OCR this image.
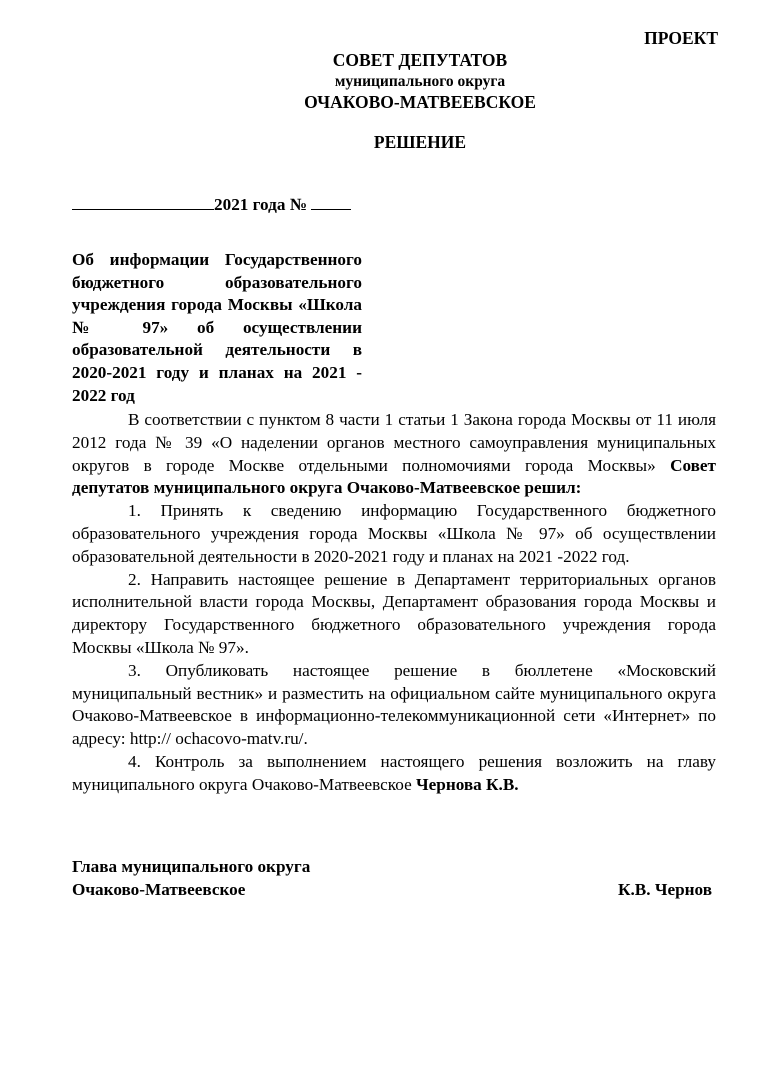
ПРОЕКТ
СОВЕТ ДЕПУТАТОВ
муниципального округа
ОЧАКОВО-МАТВЕЕВСКОЕ
РЕШЕНИЕ
2021 года №
Об информации Государственного бюджетного образовательного учреждения города Москвы «Школа № 97» об осуществлении образовательной деятельности в 2020-2021 году и планах на 2021 - 2022 год

В соответствии с пунктом 8 части 1 статьи 1 Закона города Москвы от 11 июля 2012 года № 39 «О наделении органов местного самоуправления муниципальных округов в городе Москве отдельными полномочиями города Москвы» Совет депутатов муниципального округа Очаково-Матвеевское решил:

1. Принять к сведению информацию Государственного бюджетного образовательного учреждения города Москвы «Школа № 97» об осуществлении образовательной деятельности в 2020-2021 году и планах на 2021 -2022 год.

2. Направить настоящее решение в Департамент территориальных органов исполнительной власти города Москвы, Департамент образования города Москвы и директору Государственного бюджетного образовательного учреждения города Москвы «Школа № 97».

3. Опубликовать настоящее решение в бюллетене «Московский муниципальный вестник» и разместить на официальном сайте муниципального округа Очаково-Матвеевское в информационно-телекоммуникационной сети «Интернет» по адресу: http:// ochacovo-matv.ru/.

4. Контроль за выполнением настоящего решения возложить на главу муниципального округа Очаково-Матвеевское Чернова К.В.

Глава муниципального округа
Очаково-Матвеевское	К.В. Чернов
